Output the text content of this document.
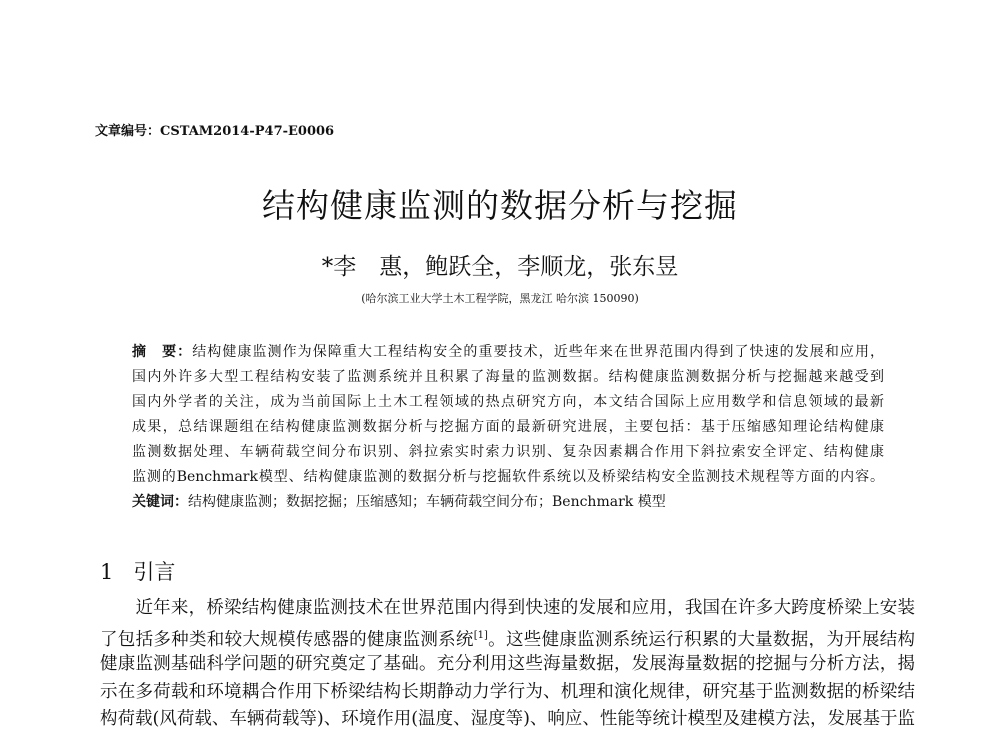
文章编号：CSTAM2014-P47-E0006
结构健康监测的数据分析与挖掘
*李　惠，鲍跃全，李顺龙，张东昱
(哈尔滨工业大学土木工程学院，黑龙江 哈尔滨 150090)
摘　要：结构健康监测作为保障重大工程结构安全的重要技术，近些年来在世界范围内得到了快速的发展和应用，
国内外许多大型工程结构安装了监测系统并且积累了海量的监测数据。结构健康监测数据分析与挖掘越来越受到
国内外学者的关注，成为当前国际上土木工程领域的热点研究方向，本文结合国际上应用数学和信息领域的最新
成果，总结课题组在结构健康监测数据分析与挖掘方面的最新研究进展，主要包括：基于压缩感知理论结构健康
监测数据处理、车辆荷载空间分布识别、斜拉索实时索力识别、复杂因素耦合作用下斜拉索安全评定、结构健康
监测的Benchmark模型、结构健康监测的数据分析与挖掘软件系统以及桥梁结构安全监测技术规程等方面的内容。
关键词：结构健康监测；数据挖掘；压缩感知；车辆荷载空间分布；Benchmark 模型
1 引言
　　近年来，桥梁结构健康监测技术在世界范围内得到快速的发展和应用，我国在许多大跨度桥梁上安装
了包括多种类和较大规模传感器的健康监测系统[1]。这些健康监测系统运行积累的大量数据，为开展结构
健康监测基础科学问题的研究奠定了基础。充分利用这些海量数据，发展海量数据的挖掘与分析方法，揭
示在多荷载和环境耦合作用下桥梁结构长期静动力学行为、机理和演化规律，研究基于监测数据的桥梁结
构荷载(风荷载、车辆荷载等)、环境作用(温度、湿度等)、响应、性能等统计模型及建模方法，发展基于监
